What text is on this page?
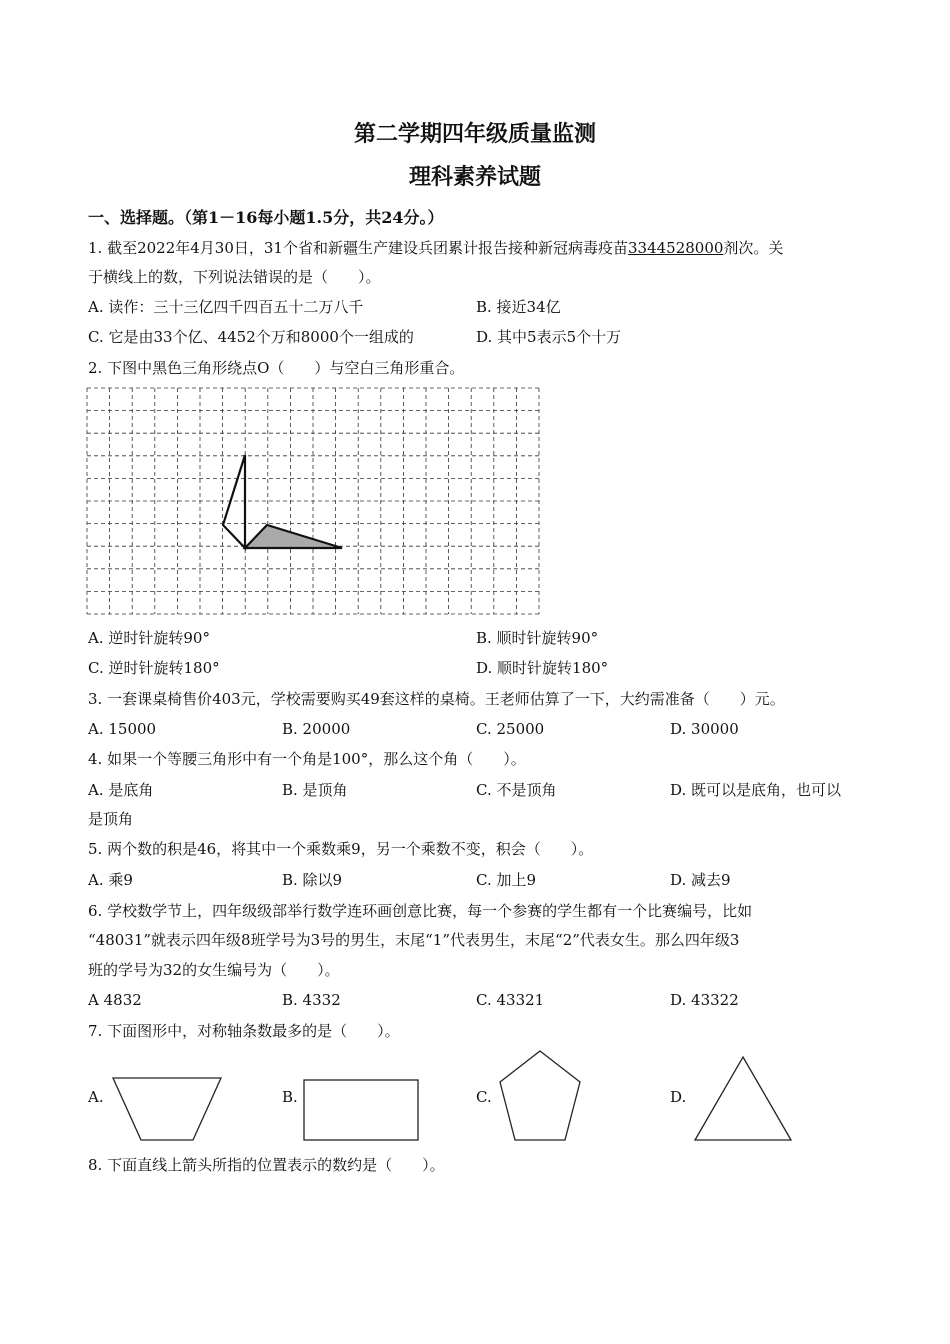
第二学期四年级质量监测
理科素养试题
一、选择题。（第1－16每小题1.5分，共24分。）
1. 截至2022年4月30日，31个省和新疆生产建设兵团累计报告接种新冠病毒疫苗3344528000剂次。关
于横线上的数，下列说法错误的是（　　）。
A. 读作：三十三亿四千四百五十二万八千	B. 接近34亿
C. 它是由33个亿、4452个万和8000个一组成的	D. 其中5表示5个十万
2. 下图中黑色三角形绕点O（　　）与空白三角形重合。
A. 逆时针旋转90°	B. 顺时针旋转90°
C. 逆时针旋转180°	D. 顺时针旋转180°
3. 一套课桌椅售价403元，学校需要购买49套这样的桌椅。王老师估算了一下，大约需准备（　　）元。
A. 15000	B. 20000	C. 25000	D. 30000
4. 如果一个等腰三角形中有一个角是100°，那么这个角（　　）。
A. 是底角	B. 是顶角	C. 不是顶角	D. 既可以是底角，也可以
是顶角
5. 两个数的积是46，将其中一个乘数乘9，另一个乘数不变，积会（　　）。
A. 乘9	B. 除以9	C. 加上9	D. 减去9
6. 学校数学节上，四年级级部举行数学连环画创意比赛，每一个参赛的学生都有一个比赛编号，比如
“48031”就表示四年级8班学号为3号的男生，末尾“1”代表男生，末尾“2”代表女生。那么四年级3
班的学号为32的女生编号为（　　）。
A 4832	B. 4332	C. 43321	D. 43322
7. 下面图形中，对称轴条数最多的是（　　）。
A.	B.	C.	D.
8. 下面直线上箭头所指的位置表示的数约是（　　）。
